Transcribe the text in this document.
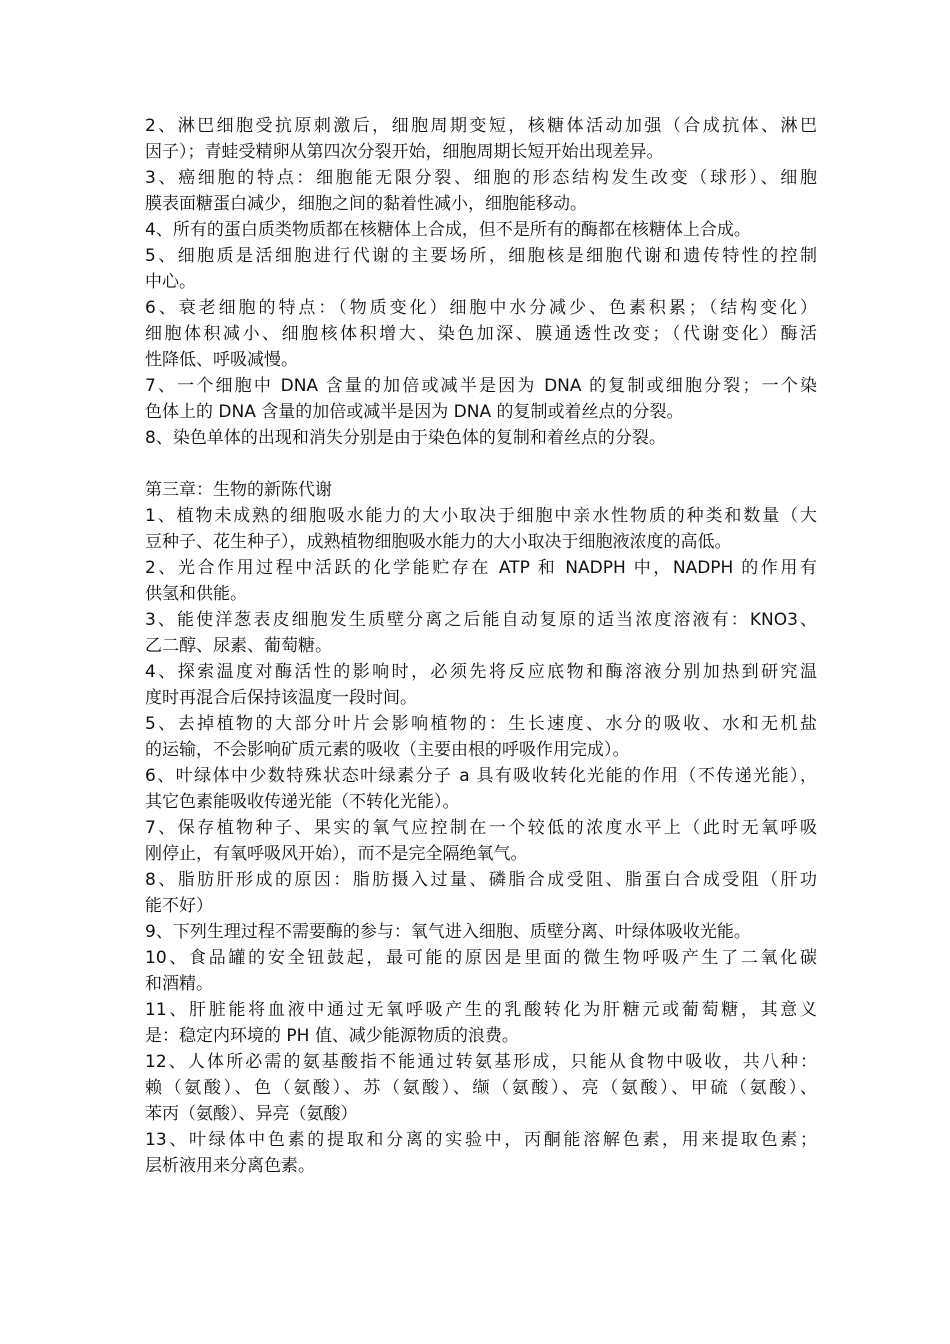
2、淋巴细胞受抗原刺激后，细胞周期变短，核糖体活动加强（合成抗体、淋巴
因子）；青蛙受精卵从第四次分裂开始，细胞周期长短开始出现差异。
3、癌细胞的特点：细胞能无限分裂、细胞的形态结构发生改变（球形）、细胞
膜表面糖蛋白减少，细胞之间的黏着性减小，细胞能移动。
4、所有的蛋白质类物质都在核糖体上合成，但不是所有的酶都在核糖体上合成。
5、细胞质是活细胞进行代谢的主要场所，细胞核是细胞代谢和遗传特性的控制
中心。
6、衰老细胞的特点：（物质变化）细胞中水分减少、色素积累；（结构变化）
细胞体积减小、细胞核体积增大、染色加深、膜通透性改变；（代谢变化）酶活
性降低、呼吸减慢。
7、一个细胞中 DNA 含量的加倍或减半是因为 DNA 的复制或细胞分裂；一个染
色体上的 DNA 含量的加倍或减半是因为 DNA 的复制或着丝点的分裂。
8、染色单体的出现和消失分别是由于染色体的复制和着丝点的分裂。
第三章：生物的新陈代谢
1、植物未成熟的细胞吸水能力的大小取决于细胞中亲水性物质的种类和数量（大
豆种子、花生种子），成熟植物细胞吸水能力的大小取决于细胞液浓度的高低。
2、光合作用过程中活跃的化学能贮存在 ATP 和 NADPH 中，NADPH 的作用有
供氢和供能。
3、能使洋葱表皮细胞发生质壁分离之后能自动复原的适当浓度溶液有：KNO3、
乙二醇、尿素、葡萄糖。
4、探索温度对酶活性的影响时，必须先将反应底物和酶溶液分别加热到研究温
度时再混合后保持该温度一段时间。
5、去掉植物的大部分叶片会影响植物的：生长速度、水分的吸收、水和无机盐
的运输，不会影响矿质元素的吸收（主要由根的呼吸作用完成）。
6、叶绿体中少数特殊状态叶绿素分子 a 具有吸收转化光能的作用（不传递光能），
其它色素能吸收传递光能（不转化光能）。
7、保存植物种子、果实的氧气应控制在一个较低的浓度水平上（此时无氧呼吸
刚停止，有氧呼吸风开始），而不是完全隔绝氧气。
8、脂肪肝形成的原因：脂肪摄入过量、磷脂合成受阻、脂蛋白合成受阻（肝功
能不好）
9、下列生理过程不需要酶的参与：氧气进入细胞、质壁分离、叶绿体吸收光能。
10、食品罐的安全钮鼓起，最可能的原因是里面的微生物呼吸产生了二氧化碳
和酒精。
11、肝脏能将血液中通过无氧呼吸产生的乳酸转化为肝糖元或葡萄糖，其意义
是：稳定内环境的 PH 值、减少能源物质的浪费。
12、人体所必需的氨基酸指不能通过转氨基形成，只能从食物中吸收，共八种：
赖（氨酸）、色（氨酸）、苏（氨酸）、缬（氨酸）、亮（氨酸）、甲硫（氨酸）、
苯丙（氨酸）、异亮（氨酸）
13、叶绿体中色素的提取和分离的实验中，丙酮能溶解色素，用来提取色素；
层析液用来分离色素。
